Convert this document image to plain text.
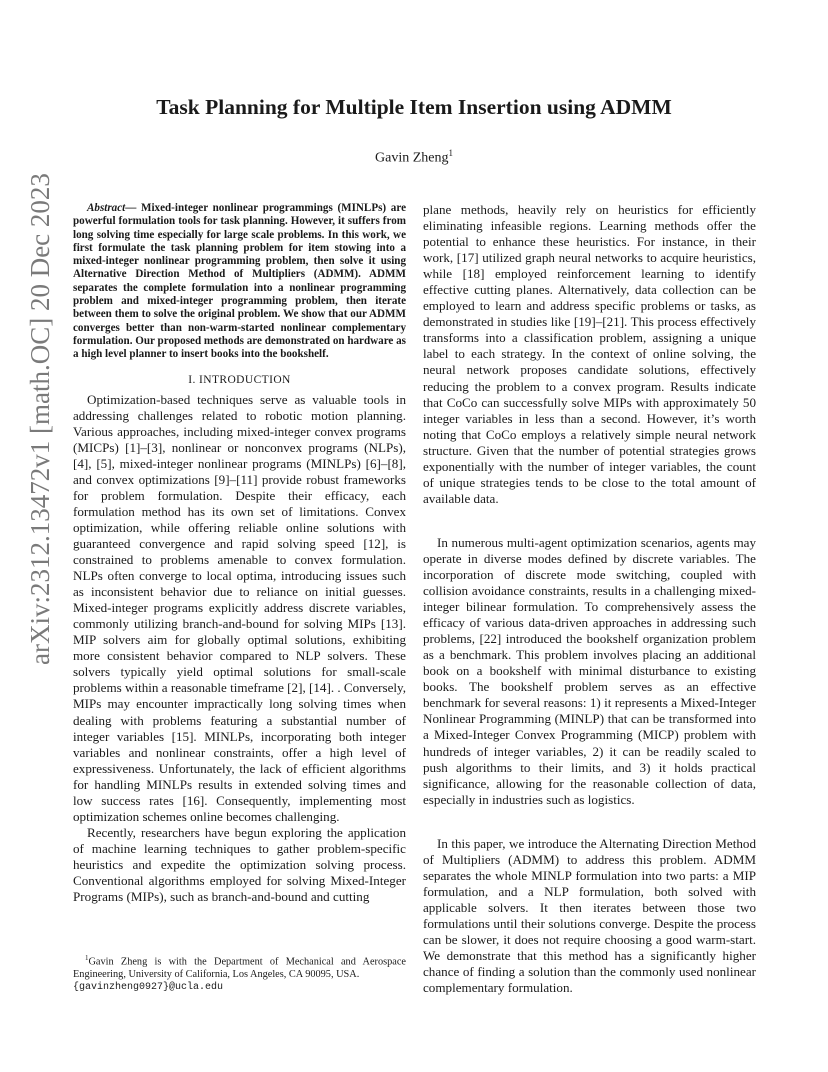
arXiv:2312.13472v1 [math.OC] 20 Dec 2023
Task Planning for Multiple Item Insertion using ADMM
Gavin Zheng$^1$

Abstract— Mixed-integer nonlinear programmings (MINLPs) are powerful formulation tools for task planning. However, it suffers from long solving time especially for large scale problems. In this work, we first formulate the task planning problem for item stowing into a mixed-integer nonlinear programming problem, then solve it using Alternative Direction Method of Multipliers (ADMM). ADMM separates the complete formulation into a nonlinear programming problem and mixed-integer programming problem, then iterate between them to solve the original problem. We show that our ADMM converges better than non-warm-started nonlinear complementary formulation. Our proposed methods are demonstrated on hardware as a high level planner to insert books into the bookshelf.

I. INTRODUCTION

Optimization-based techniques serve as valuable tools in addressing challenges related to robotic motion planning. Various approaches, including mixed-integer convex programs (MICPs) [1]–[3], nonlinear or nonconvex programs (NLPs), [4], [5], mixed-integer nonlinear programs (MINLPs) [6]–[8], and convex optimizations [9]–[11] provide robust frameworks for problem formulation. Despite their efficacy, each formulation method has its own set of limitations. Convex optimization, while offering reliable online solutions with guaranteed convergence and rapid solving speed [12], is constrained to problems amenable to convex formulation. NLPs often converge to local optima, introducing issues such as inconsistent behavior due to reliance on initial guesses. Mixed-integer programs explicitly address discrete variables, commonly utilizing branch-and-bound for solving MIPs [13]. MIP solvers aim for globally optimal solutions, exhibiting more consistent behavior compared to NLP solvers. These solvers typically yield optimal solutions for small-scale problems within a reasonable timeframe [2], [14]. . Conversely, MIPs may encounter impractically long solving times when dealing with problems featuring a substantial number of integer variables [15]. MINLPs, incorporating both integer variables and nonlinear constraints, offer a high level of expressiveness. Unfortunately, the lack of efficient algorithms for handling MINLPs results in extended solving times and low success rates [16]. Consequently, implementing most optimization schemes online becomes challenging.

Recently, researchers have begun exploring the application of machine learning techniques to gather problem-specific heuristics and expedite the optimization solving process. Conventional algorithms employed for solving Mixed-Integer Programs (MIPs), such as branch-and-bound and cutting

plane methods, heavily rely on heuristics for efficiently eliminating infeasible regions. Learning methods offer the potential to enhance these heuristics. For instance, in their work, [17] utilized graph neural networks to acquire heuristics, while [18] employed reinforcement learning to identify effective cutting planes. Alternatively, data collection can be employed to learn and address specific problems or tasks, as demonstrated in studies like [19]–[21]. This process effectively transforms into a classification problem, assigning a unique label to each strategy. In the context of online solving, the neural network proposes candidate solutions, effectively reducing the problem to a convex program. Results indicate that CoCo can successfully solve MIPs with approximately 50 integer variables in less than a second. However, it’s worth noting that CoCo employs a relatively simple neural network structure. Given that the number of potential strategies grows exponentially with the number of integer variables, the count of unique strategies tends to be close to the total amount of available data.

In numerous multi-agent optimization scenarios, agents may operate in diverse modes defined by discrete variables. The incorporation of discrete mode switching, coupled with collision avoidance constraints, results in a challenging mixed-integer bilinear formulation. To comprehensively assess the efficacy of various data-driven approaches in addressing such problems, [22] introduced the bookshelf organization problem as a benchmark. This problem involves placing an additional book on a bookshelf with minimal disturbance to existing books. The bookshelf problem serves as an effective benchmark for several reasons: 1) it represents a Mixed-Integer Nonlinear Programming (MINLP) that can be transformed into a Mixed-Integer Convex Programming (MICP) problem with hundreds of integer variables, 2) it can be readily scaled to push algorithms to their limits, and 3) it holds practical significance, allowing for the reasonable collection of data, especially in industries such as logistics.

In this paper, we introduce the Alternating Direction Method of Multipliers (ADMM) to address this problem. ADMM separates the whole MINLP formulation into two parts: a MIP formulation, and a NLP formulation, both solved with applicable solvers. It then iterates between those two formulations until their solutions converge. Despite the process can be slower, it does not require choosing a good warm-start. We demonstrate that this method has a significantly higher chance of finding a solution than the commonly used nonlinear complementary formulation.

$^1$Gavin Zheng is with the Department of Mechanical and Aerospace Engineering, University of California, Los Angeles, CA 90095, USA.
{gavinzheng0927}@ucla.edu
